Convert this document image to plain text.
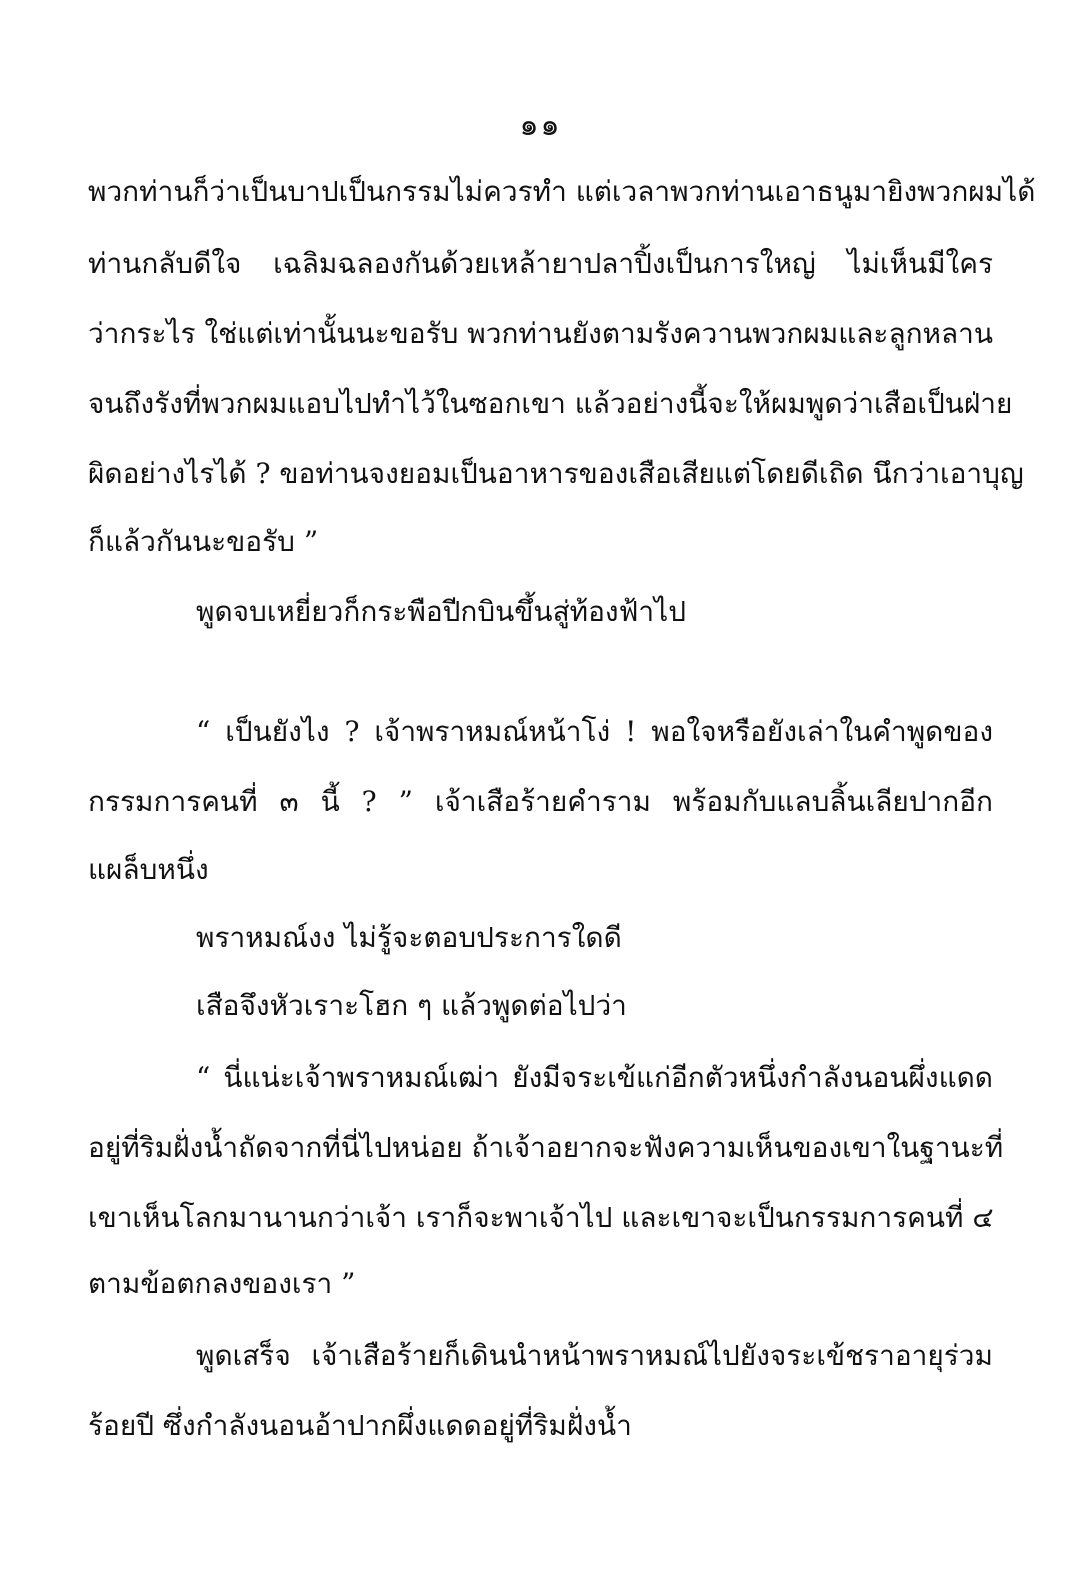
๑๑
พวกท่านก็ว่าเป็นบาปเป็นกรรมไม่ควรทำ แต่เวลาพวกท่านเอาธนูมายิงพวกผมได้
ท่านกลับดีใจ เฉลิมฉลองกันด้วยเหล้ายาปลาปิ้งเป็นการใหญ่ ไม่เห็นมีใคร
ว่ากระไร ใช่แต่เท่านั้นนะขอรับ พวกท่านยังตามรังควานพวกผมและลูกหลาน
จนถึงรังที่พวกผมแอบไปทำไว้ในซอกเขา แล้วอย่างนี้จะให้ผมพูดว่าเสือเป็นฝ่าย
ผิดอย่างไรได้ ? ขอท่านจงยอมเป็นอาหารของเสือเสียแต่โดยดีเถิด นึกว่าเอาบุญ
ก็แล้วกันนะขอรับ ”
พูดจบเหยี่ยวก็กระพือปีกบินขึ้นสู่ท้องฟ้าไป
“ เป็นยังไง ? เจ้าพราหมณ์หน้าโง่ ! พอใจหรือยังเล่าในคำพูดของ
กรรมการคนที่ ๓ นี้ ? ” เจ้าเสือร้ายคำราม พร้อมกับแลบลิ้นเลียปากอีก
แผล็บหนึ่ง
พราหมณ์งง ไม่รู้จะตอบประการใดดี
เสือจึงหัวเราะโฮก ๆ แล้วพูดต่อไปว่า
“ นี่แน่ะเจ้าพราหมณ์เฒ่า ยังมีจระเข้แก่อีกตัวหนึ่งกำลังนอนผึ่งแดด
อยู่ที่ริมฝั่งน้ำถัดจากที่นี่ไปหน่อย ถ้าเจ้าอยากจะฟังความเห็นของเขาในฐานะที่
เขาเห็นโลกมานานกว่าเจ้า เราก็จะพาเจ้าไป และเขาจะเป็นกรรมการคนที่ ๔
ตามข้อตกลงของเรา ”
พูดเสร็จ เจ้าเสือร้ายก็เดินนำหน้าพราหมณ์ไปยังจระเข้ชราอายุร่วม
ร้อยปี ซึ่งกำลังนอนอ้าปากผึ่งแดดอยู่ที่ริมฝั่งน้ำ
